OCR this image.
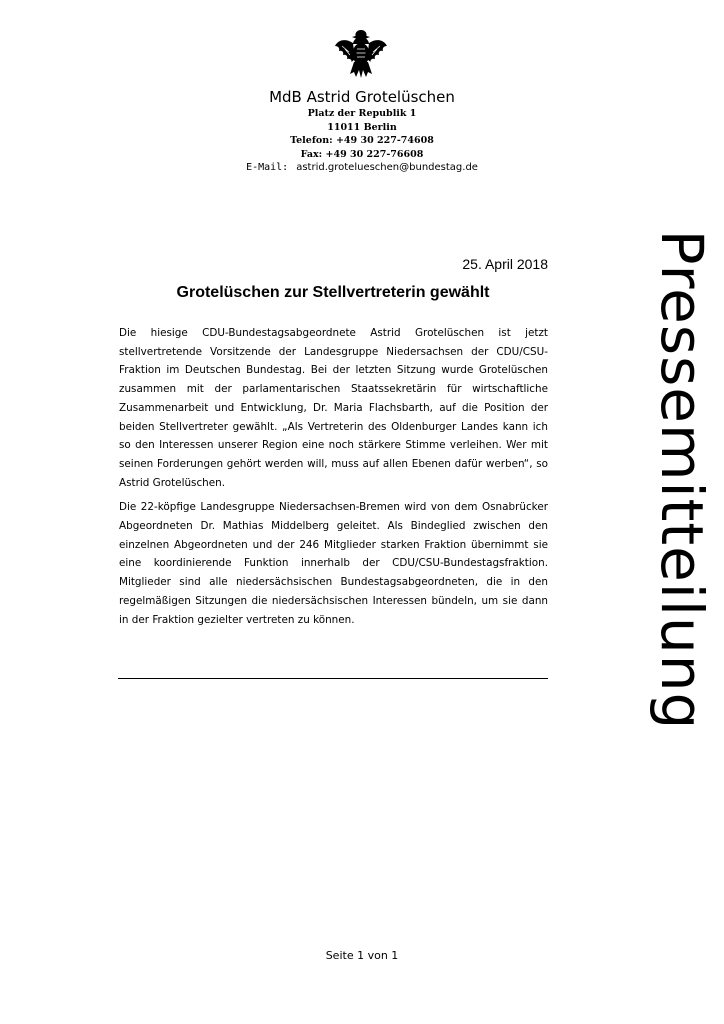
MdB Astrid Grotelüschen
Platz der Republik 1
11011 Berlin
Telefon: +49 30 227-74608
Fax: +49 30 227-76608
E-Mail: astrid.grotelueschen@bundestag.de
Pressemitteilung
25. April 2018
Grotelüschen zur Stellvertreterin gewählt

Die hiesige CDU-Bundestagsabgeordnete Astrid Grotelüschen ist jetzt stellvertretende Vorsitzende der Landesgruppe Niedersachsen der CDU/CSU-Fraktion im Deutschen Bundestag. Bei der letzten Sitzung wurde Grotelüschen zusammen mit der parlamentarischen Staatssekretärin für wirtschaftliche Zusammenarbeit und Entwicklung, Dr. Maria Flachsbarth, auf die Position der beiden Stellvertreter gewählt. „Als Vertreterin des Oldenburger Landes kann ich so den Interessen unserer Region eine noch stärkere Stimme verleihen. Wer mit seinen Forderungen gehört werden will, muss auf allen Ebenen dafür werben“, so Astrid Grotelüschen.

Die 22-köpfige Landesgruppe Niedersachsen-Bremen wird von dem Osnabrücker Abgeordneten Dr. Mathias Middelberg geleitet. Als Bindeglied zwischen den einzelnen Abgeordneten und der 246 Mitglieder starken Fraktion übernimmt sie eine koordinierende Funktion innerhalb der CDU/CSU-Bundestagsfraktion. Mitglieder sind alle niedersächsischen Bundestagsabgeordneten, die in den regelmäßigen Sitzungen die niedersächsischen Interessen bündeln, um sie dann in der Fraktion gezielter vertreten zu können.

Seite 1 von 1
